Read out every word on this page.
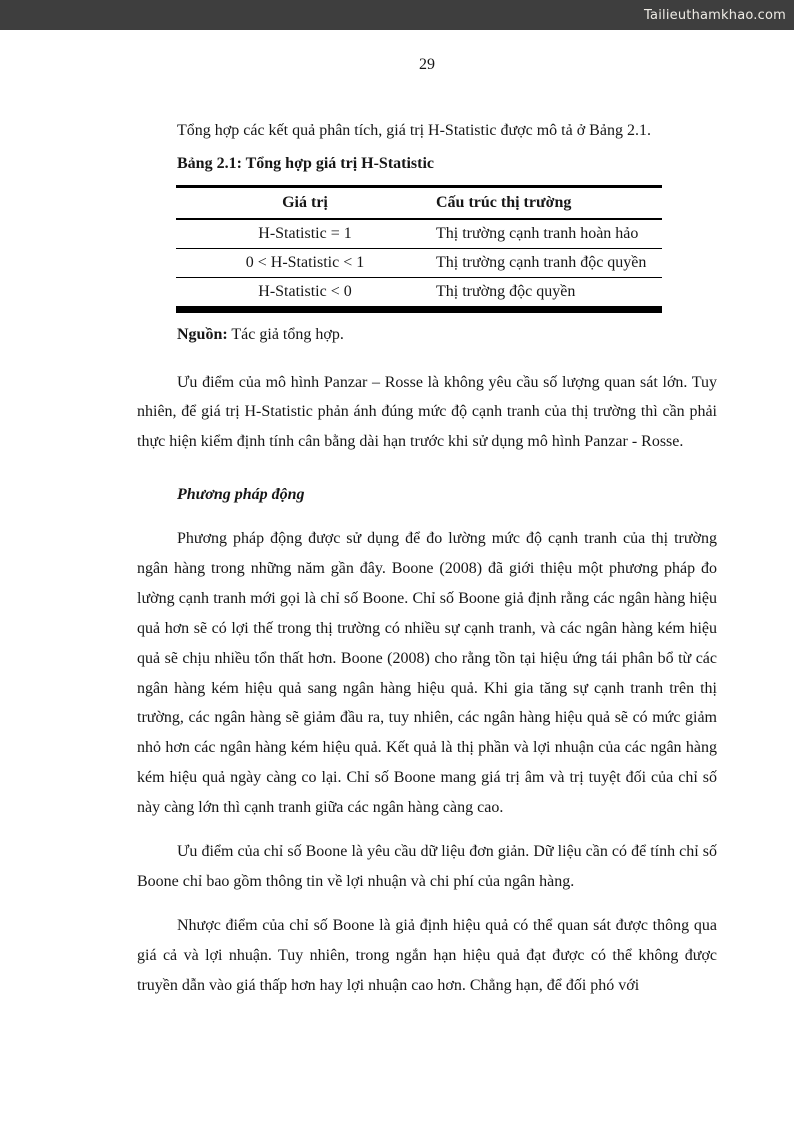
Tailieuthamkhao.com
29

Tổng hợp các kết quả phân tích, giá trị H-Statistic được mô tả ở Bảng 2.1.

Bảng 2.1: Tổng hợp giá trị H-Statistic
Giá trị	Cấu trúc thị trường
H-Statistic = 1	Thị trường cạnh tranh hoàn hảo
0 < H-Statistic < 1	Thị trường cạnh tranh độc quyền
H-Statistic < 0	Thị trường độc quyền
Nguồn: Tác giả tổng hợp.

Ưu điểm của mô hình Panzar – Rosse là không yêu cầu số lượng quan sát lớn. Tuy nhiên, để giá trị H-Statistic phản ánh đúng mức độ cạnh tranh của thị trường thì cần phải thực hiện kiểm định tính cân bằng dài hạn trước khi sử dụng mô hình Panzar - Rosse.

Phương pháp động

Phương pháp động được sử dụng để đo lường mức độ cạnh tranh của thị trường ngân hàng trong những năm gần đây. Boone (2008) đã giới thiệu một phương pháp đo lường cạnh tranh mới gọi là chỉ số Boone. Chỉ số Boone giả định rằng các ngân hàng hiệu quả hơn sẽ có lợi thế trong thị trường có nhiều sự cạnh tranh, và các ngân hàng kém hiệu quả sẽ chịu nhiều tổn thất hơn. Boone (2008) cho rằng tồn tại hiệu ứng tái phân bổ từ các ngân hàng kém hiệu quả sang ngân hàng hiệu quả. Khi gia tăng sự cạnh tranh trên thị trường, các ngân hàng sẽ giảm đầu ra, tuy nhiên, các ngân hàng hiệu quả sẽ có mức giảm nhỏ hơn các ngân hàng kém hiệu quả. Kết quả là thị phần và lợi nhuận của các ngân hàng kém hiệu quả ngày càng co lại. Chỉ số Boone mang giá trị âm và trị tuyệt đối của chỉ số này càng lớn thì cạnh tranh giữa các ngân hàng càng cao.

Ưu điểm của chỉ số Boone là yêu cầu dữ liệu đơn giản. Dữ liệu cần có để tính chỉ số Boone chỉ bao gồm thông tin về lợi nhuận và chi phí của ngân hàng.

Nhược điểm của chỉ số Boone là giả định hiệu quả có thể quan sát được thông qua giá cả và lợi nhuận. Tuy nhiên, trong ngắn hạn hiệu quả đạt được có thể không được truyền dẫn vào giá thấp hơn hay lợi nhuận cao hơn. Chẳng hạn, để đối phó với
